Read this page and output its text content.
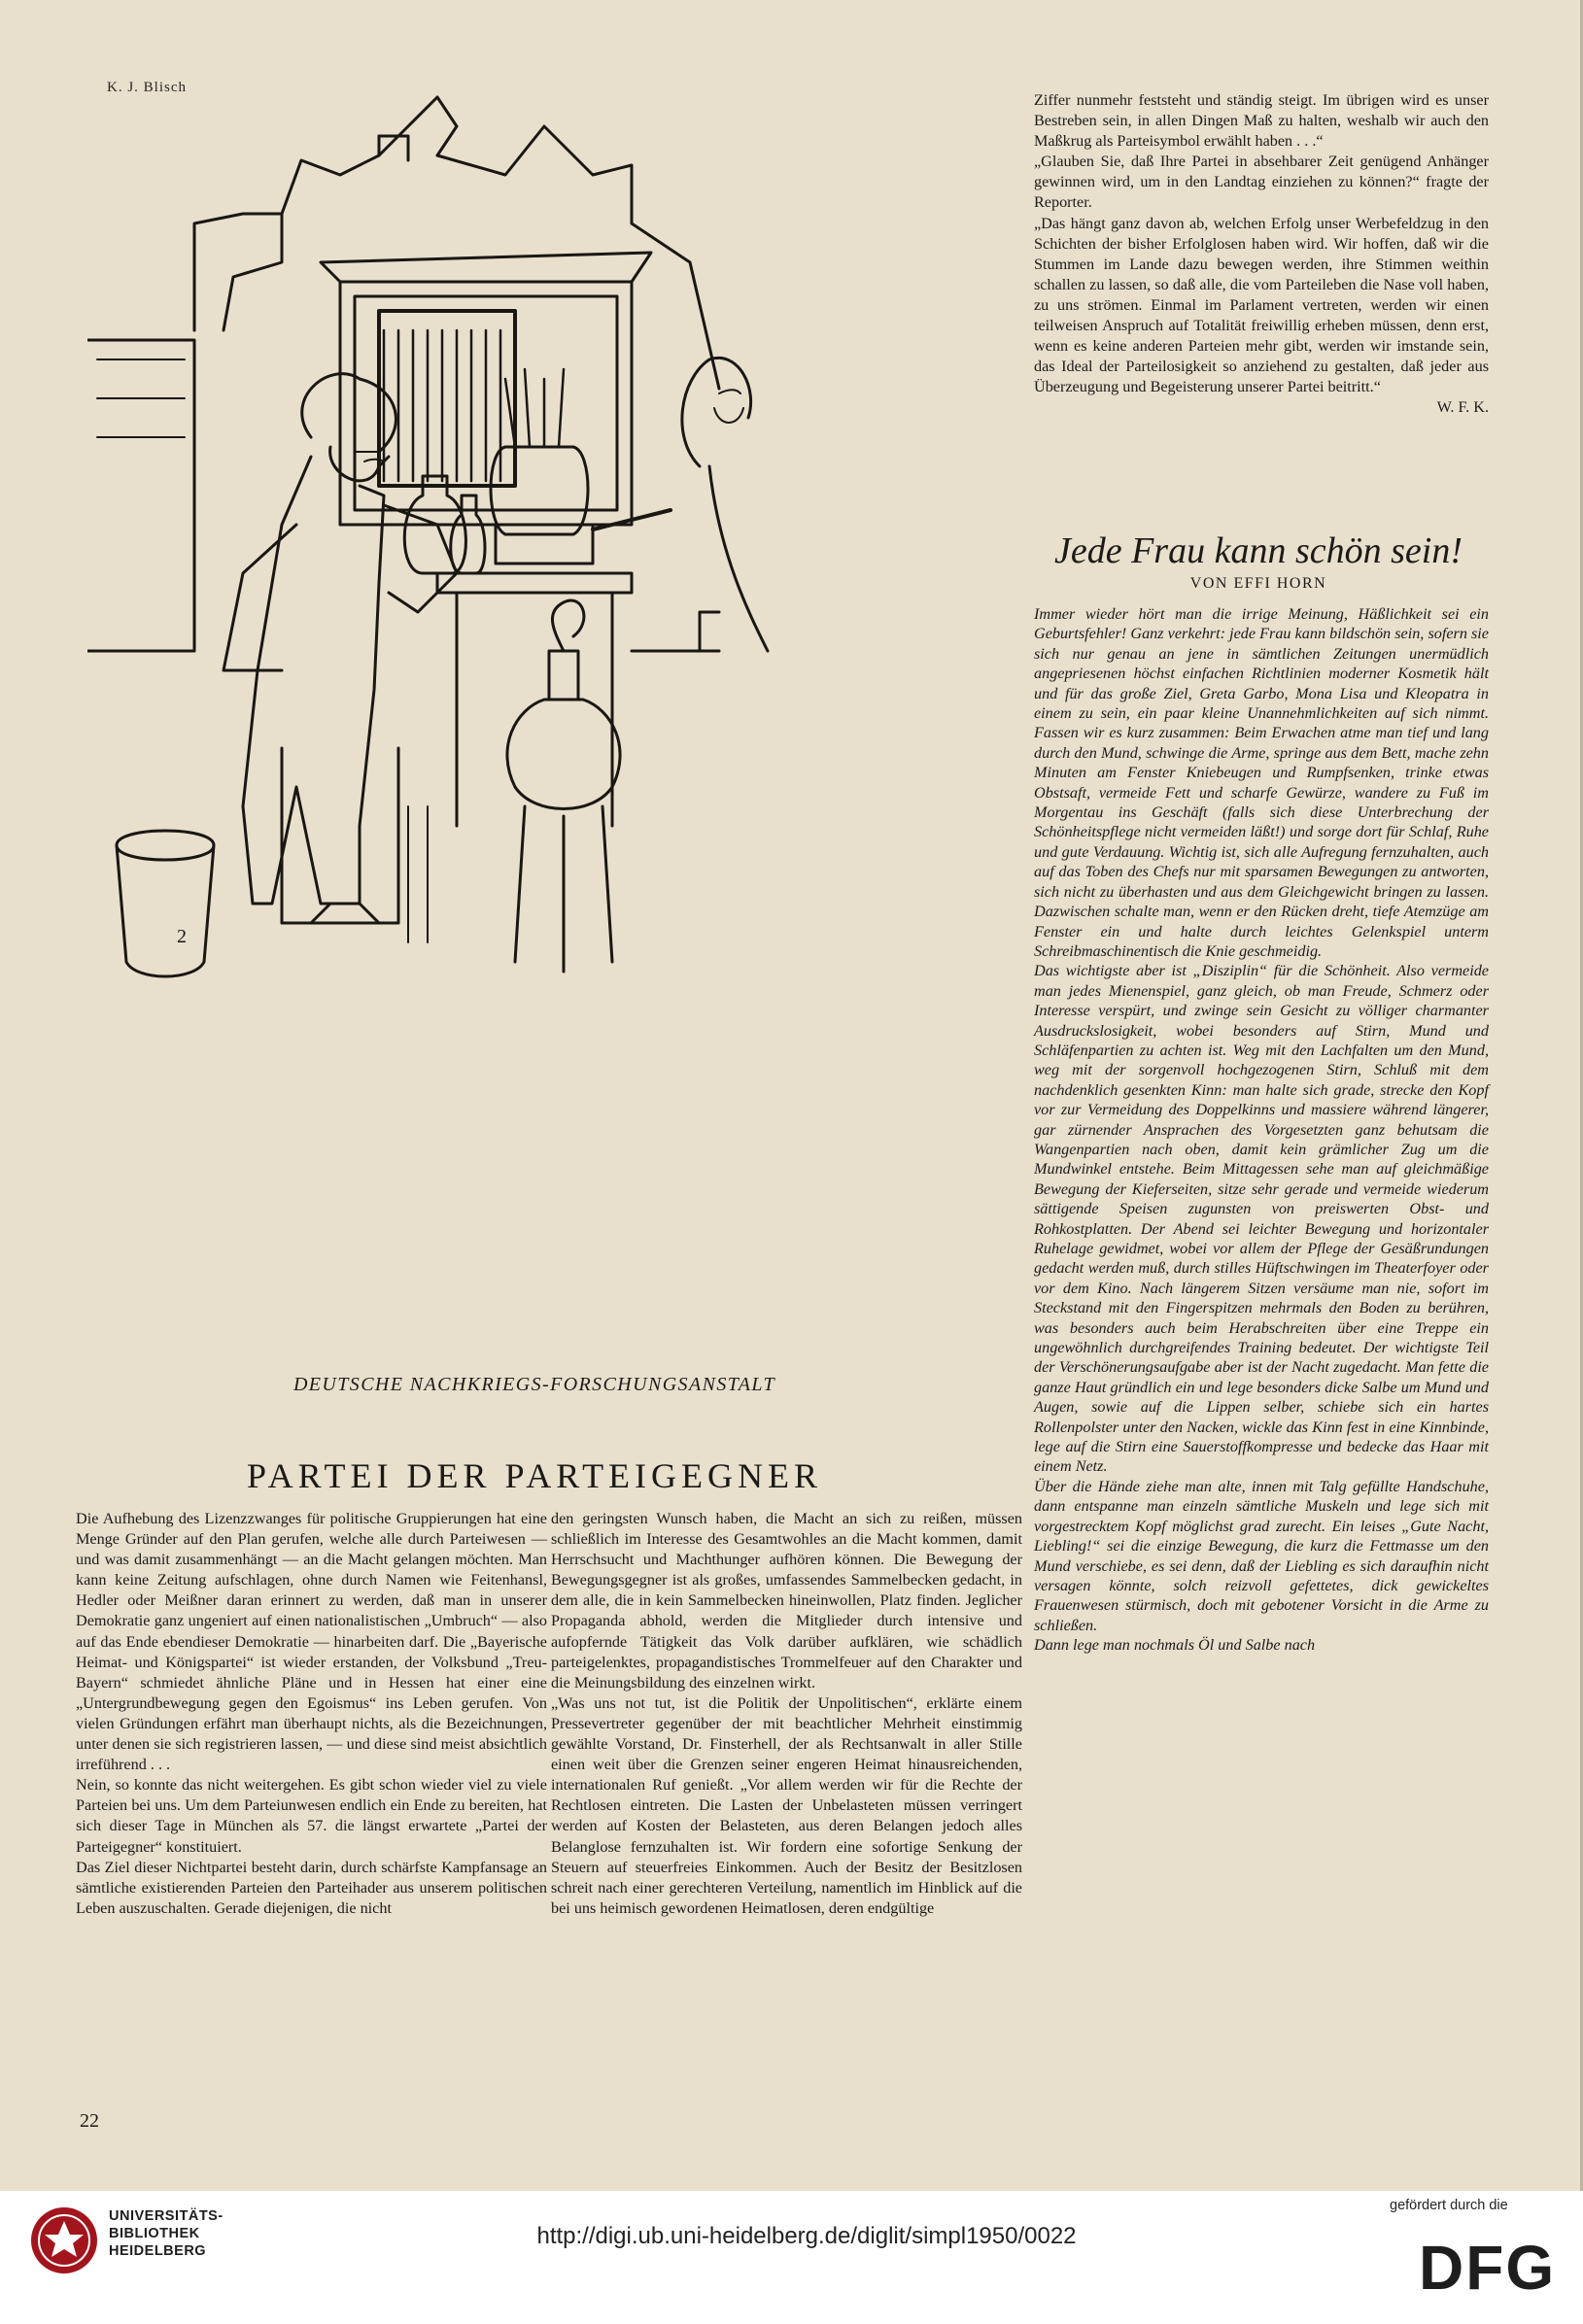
K. J. Blisch
2
DEUTSCHE NACHKRIEGS-FORSCHUNGSANSTALT
PARTEI DER PARTEIGEGNER

Die Aufhebung des Lizenzzwanges für politische Gruppierungen hat eine Menge Gründer auf den Plan gerufen, welche alle durch Parteiwesen — und was damit zusammenhängt — an die Macht gelangen möchten. Man kann keine Zeitung aufschlagen, ohne durch Namen wie Feitenhansl, Hedler oder Meißner daran erinnert zu werden, daß man in unserer Demokratie ganz ungeniert auf einen nationalistischen „Umbruch“ — also auf das Ende ebendieser Demokratie — hinarbeiten darf. Die „Bayerische Heimat- und Königspartei“ ist wieder erstanden, der Volksbund „Treu-Bayern“ schmiedet ähnliche Pläne und in Hessen hat einer eine „Untergrundbewegung gegen den Egoismus“ ins Leben gerufen. Von vielen Gründungen erfährt man überhaupt nichts, als die Bezeichnungen, unter denen sie sich registrieren lassen, — und diese sind meist absichtlich irreführend . . .

Nein, so konnte das nicht weitergehen. Es gibt schon wieder viel zu viele Parteien bei uns. Um dem Parteiunwesen endlich ein Ende zu bereiten, hat sich dieser Tage in München als 57. die längst erwartete „Partei der Parteigegner“ konstituiert.

Das Ziel dieser Nichtpartei besteht darin, durch schärfste Kampfansage an sämtliche existierenden Parteien den Parteihader aus unserem politischen Leben auszuschalten. Gerade diejenigen, die nicht

den geringsten Wunsch haben, die Macht an sich zu reißen, müssen schließlich im Interesse des Gesamtwohles an die Macht kommen, damit Herrschsucht und Machthunger aufhören können. Die Bewegung der Bewegungsgegner ist als großes, umfassendes Sammelbecken gedacht, in dem alle, die in kein Sammelbecken hineinwollen, Platz finden. Jeglicher Propaganda abhold, werden die Mitglieder durch intensive und aufopfernde Tätigkeit das Volk darüber aufklären, wie schädlich parteigelenktes, propagandistisches Trommelfeuer auf den Charakter und die Meinungsbildung des einzelnen wirkt.

„Was uns not tut, ist die Politik der Unpolitischen“, erklärte einem Pressevertreter gegenüber der mit beachtlicher Mehrheit einstimmig gewählte Vorstand, Dr. Finsterhell, der als Rechtsanwalt in aller Stille einen weit über die Grenzen seiner engeren Heimat hinausreichenden, internationalen Ruf genießt. „Vor allem werden wir für die Rechte der Rechtlosen eintreten. Die Lasten der Unbelasteten müssen verringert werden auf Kosten der Belasteten, aus deren Belangen jedoch alles Belanglose fernzuhalten ist. Wir fordern eine sofortige Senkung der Steuern auf steuerfreies Einkommen. Auch der Besitz der Besitzlosen schreit nach einer gerechteren Verteilung, namentlich im Hinblick auf die bei uns heimisch gewordenen Heimatlosen, deren endgültige

Ziffer nunmehr feststeht und ständig steigt. Im übrigen wird es unser Bestreben sein, in allen Dingen Maß zu halten, weshalb wir auch den Maßkrug als Parteisymbol erwählt haben . . .“

„Glauben Sie, daß Ihre Partei in absehbarer Zeit genügend Anhänger gewinnen wird, um in den Landtag einziehen zu können?“ fragte der Reporter.

„Das hängt ganz davon ab, welchen Erfolg unser Werbefeldzug in den Schichten der bisher Erfolglosen haben wird. Wir hoffen, daß wir die Stummen im Lande dazu bewegen werden, ihre Stimmen weithin schallen zu lassen, so daß alle, die vom Parteileben die Nase voll haben, zu uns strömen. Einmal im Parlament vertreten, werden wir einen teilweisen Anspruch auf Totalität freiwillig erheben müssen, denn erst, wenn es keine anderen Parteien mehr gibt, werden wir imstande sein, das Ideal der Parteilosigkeit so anziehend zu gestalten, daß jeder aus Überzeugung und Begeisterung unserer Partei beitritt.“

W. F. K.

Jede Frau kann schön sein!
VON EFFI HORN

Immer wieder hört man die irrige Meinung, Häßlichkeit sei ein Geburtsfehler! Ganz verkehrt: jede Frau kann bildschön sein, sofern sie sich nur genau an jene in sämtlichen Zeitungen unermüdlich angepriesenen höchst einfachen Richtlinien moderner Kosmetik hält und für das große Ziel, Greta Garbo, Mona Lisa und Kleopatra in einem zu sein, ein paar kleine Unannehmlichkeiten auf sich nimmt. Fassen wir es kurz zusammen: Beim Erwachen atme man tief und lang durch den Mund, schwinge die Arme, springe aus dem Bett, mache zehn Minuten am Fenster Kniebeugen und Rumpfsenken, trinke etwas Obstsaft, vermeide Fett und scharfe Gewürze, wandere zu Fuß im Morgentau ins Geschäft (falls sich diese Unterbrechung der Schönheitspflege nicht vermeiden läßt!) und sorge dort für Schlaf, Ruhe und gute Verdauung. Wichtig ist, sich alle Aufregung fernzuhalten, auch auf das Toben des Chefs nur mit sparsamen Bewegungen zu antworten, sich nicht zu überhasten und aus dem Gleichgewicht bringen zu lassen. Dazwischen schalte man, wenn er den Rücken dreht, tiefe Atemzüge am Fenster ein und halte durch leichtes Gelenkspiel unterm Schreibmaschinentisch die Knie geschmeidig.

Das wichtigste aber ist „Disziplin“ für die Schönheit. Also vermeide man jedes Mienenspiel, ganz gleich, ob man Freude, Schmerz oder Interesse verspürt, und zwinge sein Gesicht zu völliger charmanter Ausdruckslosigkeit, wobei besonders auf Stirn, Mund und Schläfenpartien zu achten ist. Weg mit den Lachfalten um den Mund, weg mit der sorgenvoll hochgezogenen Stirn, Schluß mit dem nachdenklich gesenkten Kinn: man halte sich grade, strecke den Kopf vor zur Vermeidung des Doppelkinns und massiere während längerer, gar zürnender Ansprachen des Vorgesetzten ganz behutsam die Wangenpartien nach oben, damit kein grämlicher Zug um die Mundwinkel entstehe. Beim Mittagessen sehe man auf gleichmäßige Bewegung der Kieferseiten, sitze sehr gerade und vermeide wiederum sättigende Speisen zugunsten von preiswerten Obst- und Rohkostplatten. Der Abend sei leichter Bewegung und horizontaler Ruhelage gewidmet, wobei vor allem der Pflege der Gesäßrundungen gedacht werden muß, durch stilles Hüftschwingen im Theaterfoyer oder vor dem Kino. Nach längerem Sitzen versäume man nie, sofort im Steckstand mit den Fingerspitzen mehrmals den Boden zu berühren, was besonders auch beim Herabschreiten über eine Treppe ein ungewöhnlich durchgreifendes Training bedeutet. Der wichtigste Teil der Verschönerungsaufgabe aber ist der Nacht zugedacht. Man fette die ganze Haut gründlich ein und lege besonders dicke Salbe um Mund und Augen, sowie auf die Lippen selber, schiebe sich ein hartes Rollenpolster unter den Nacken, wickle das Kinn fest in eine Kinnbinde, lege auf die Stirn eine Sauerstoffkompresse und bedecke das Haar mit einem Netz.

Über die Hände ziehe man alte, innen mit Talg gefüllte Handschuhe, dann entspanne man einzeln sämtliche Muskeln und lege sich mit vorgestrecktem Kopf möglichst grad zurecht. Ein leises „Gute Nacht, Liebling!“ sei die einzige Bewegung, die kurz die Fettmasse um den Mund verschiebe, es sei denn, daß der Liebling es sich daraufhin nicht versagen könnte, solch reizvoll gefettetes, dick gewickeltes Frauenwesen stürmisch, doch mit gebotener Vorsicht in die Arme zu schließen.

Dann lege man nochmals Öl und Salbe nach

22
UNIVERSITÄTS-
BIBLIOTHEK
HEIDELBERG
http://digi.ub.uni-heidelberg.de/diglit/simpl1950/0022
gefördert durch die
DFG
